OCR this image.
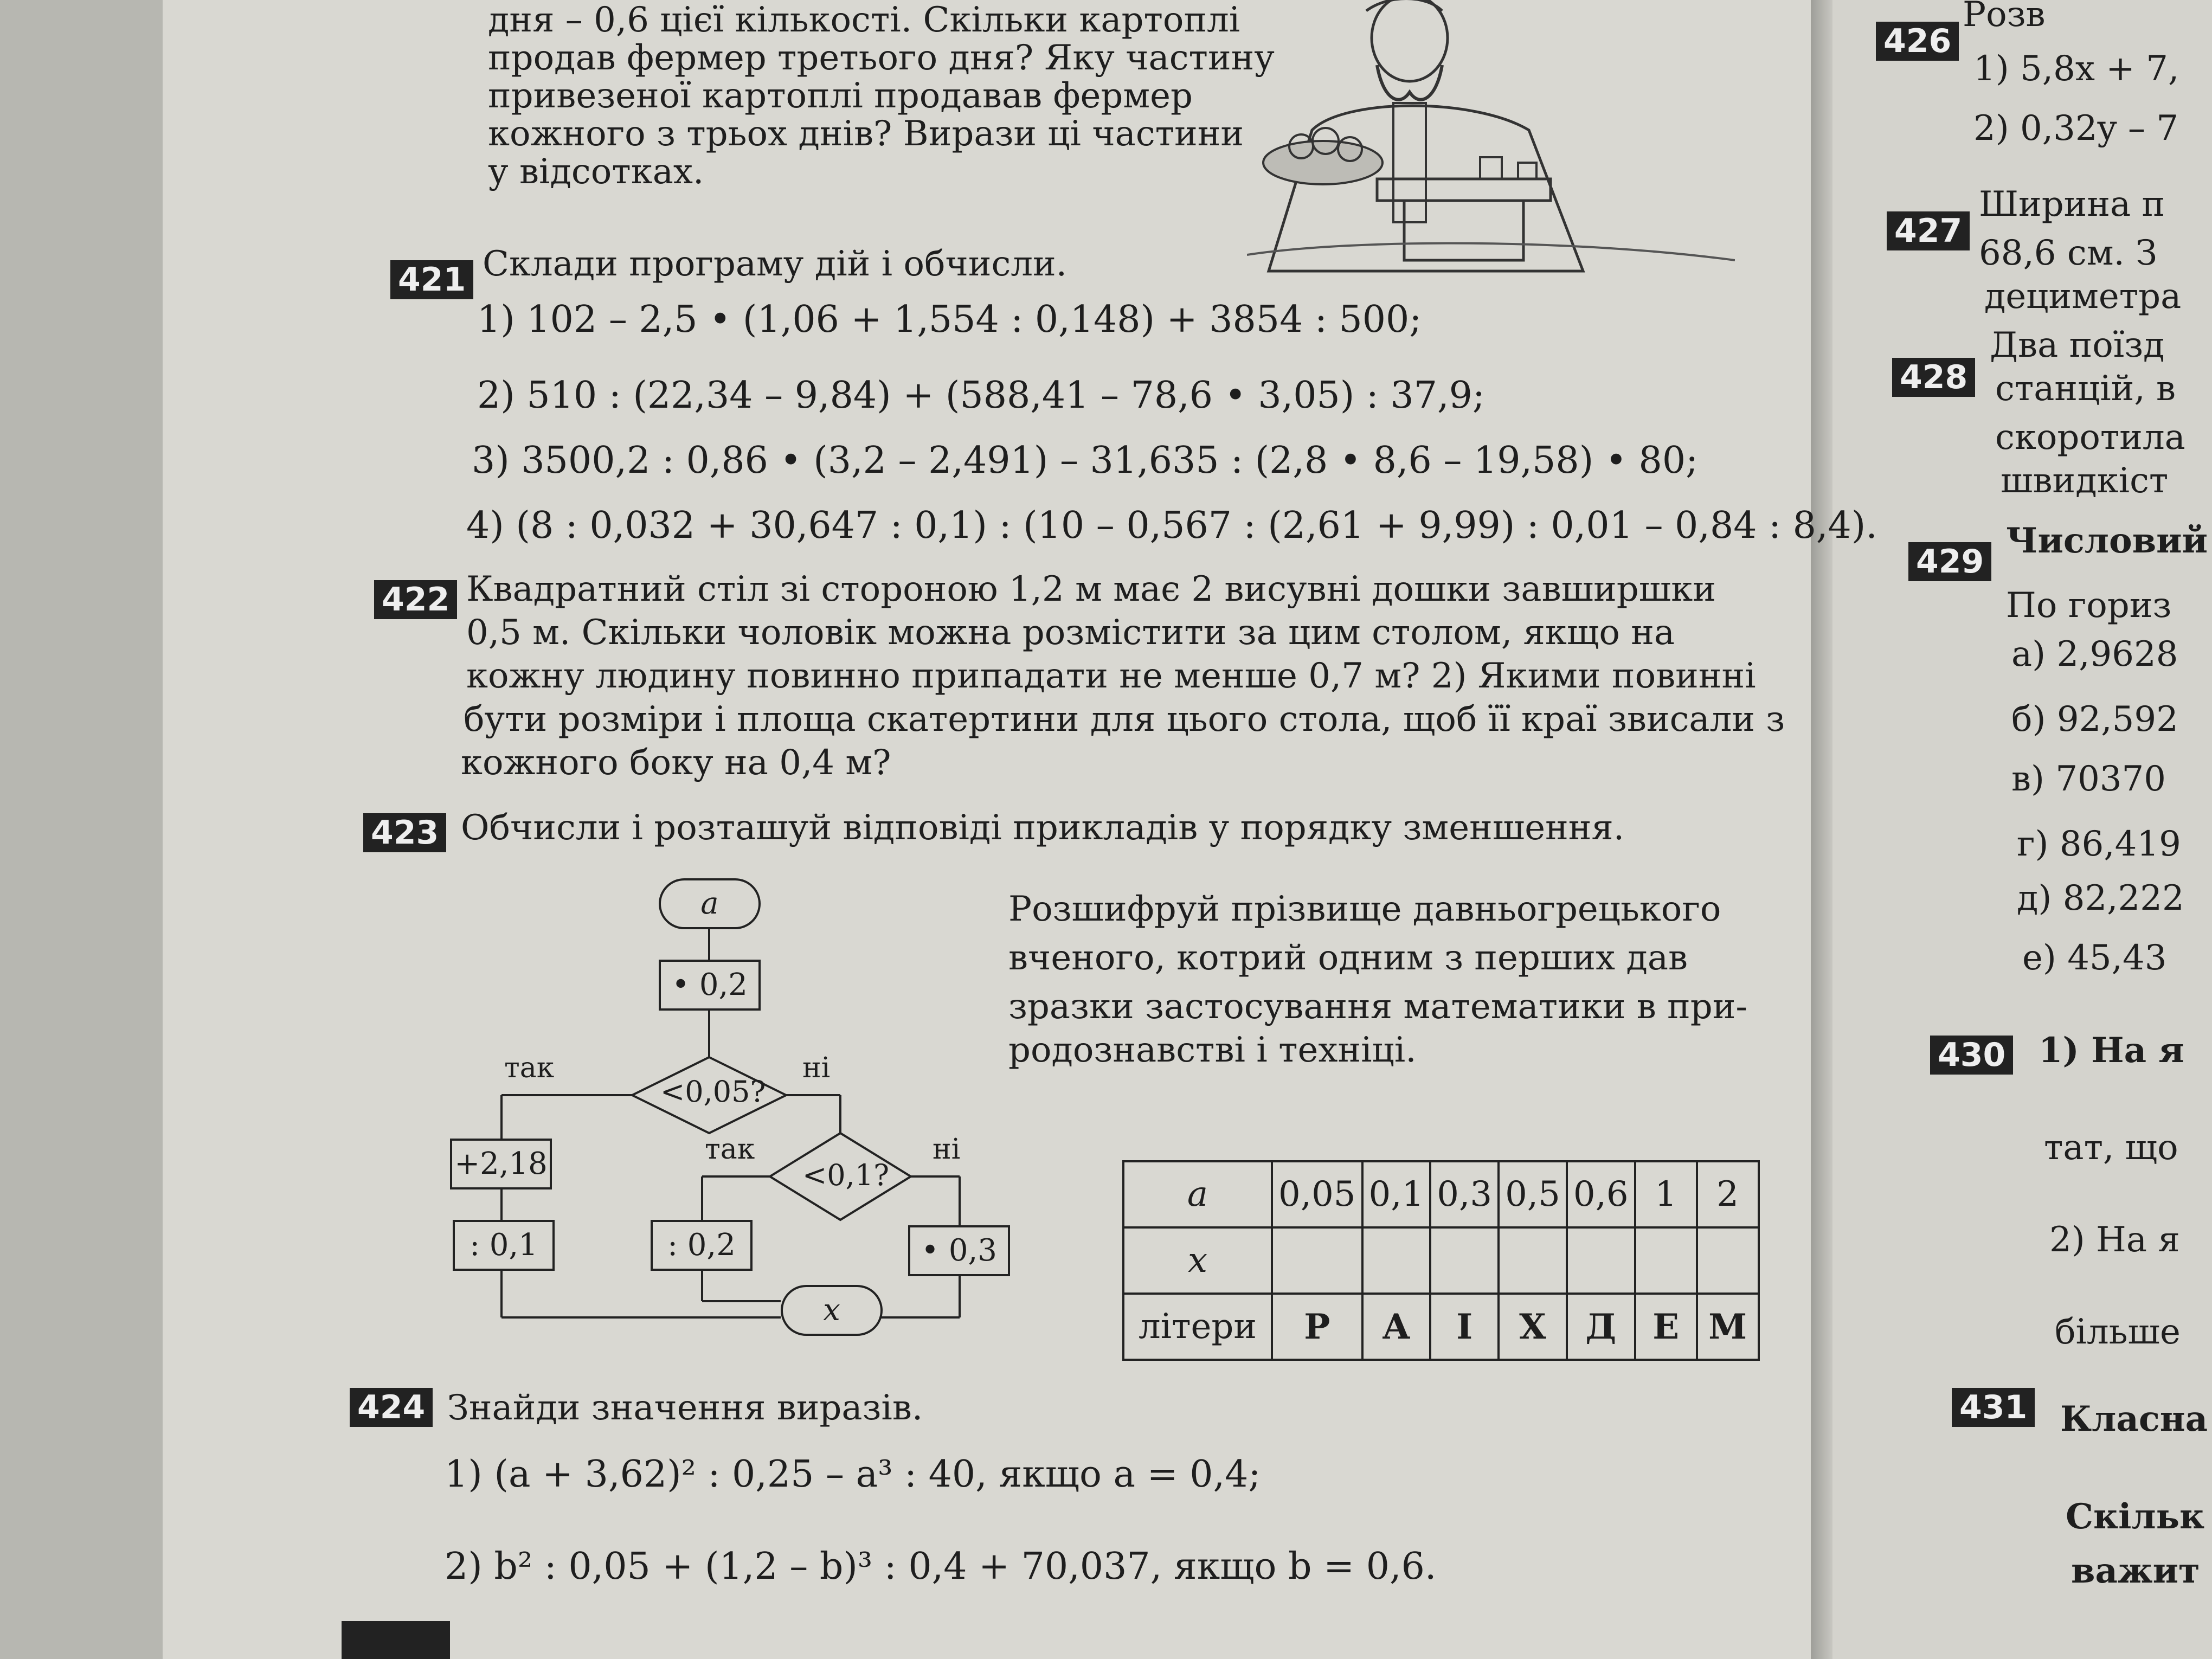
426
Розв
1) 5,8x + 7,
2) 0,32y – 7
427
Ширина п
68,6 см. З
дециметра
428
Два поїзд
станцій, в
скоротила
швидкіст
429
Числовий
По гориз
а) 2,9628
б) 92,592
в) 70370
г) 86,419
д) 82,222
е) 45,43
430 1) На я
тат, що
2) На я
більше
431 Класна
Скільк
важит
дня – 0,6 цієї кількості. Скільки картоплі
продав фермер третього дня? Яку частину
привезеної картоплі продавав фермер
кожного з трьох днів? Вирази ці частини
у відсотках.
421 Склади програму дій і обчисли.
1) 102 – 2,5 • (1,06 + 1,554 : 0,148) + 3854 : 500;
2) 510 : (22,34 – 9,84) + (588,41 – 78,6 • 3,05) : 37,9;
3) 3500,2 : 0,86 • (3,2 – 2,491) – 31,635 : (2,8 • 8,6 – 19,58) • 80;
4) (8 : 0,032 + 30,647 : 0,1) : (10 – 0,567 : (2,61 + 9,99) : 0,01 – 0,84 : 8,4).
422 Квадратний стіл зі стороною 1,2 м має 2 висувні дошки завширшки
0,5 м. Скільки чоловік можна розмістити за цим столом, якщо на
кожну людину повинно припадати не менше 0,7 м? 2) Якими повинні
бути розміри і площа скатертини для цього стола, щоб її краї звисали з
кожного боку на 0,4 м?
423 Обчисли і розташуй відповіді прикладів у порядку зменшення.
Розшифруй прізвище давньогрецького
вченого, котрий одним з перших дав
зразки застосування математики в при-
родознавстві і техніці.
a
• 0,2
<0,05?
так	ні
+2,18	<0,1?
так	ні
: 0,1	: 0,2	• 0,3
x
a	0,05	0,1	0,3	0,5	0,6	1	2
x							
літери	Р	А	І	Х	Д	Е	М
424 Знайди значення виразів.
1) (a + 3,62)² : 0,25 – a³ : 40, якщо a = 0,4;
2) b² : 0,05 + (1,2 – b)³ : 0,4 + 70,037, якщо b = 0,6.
